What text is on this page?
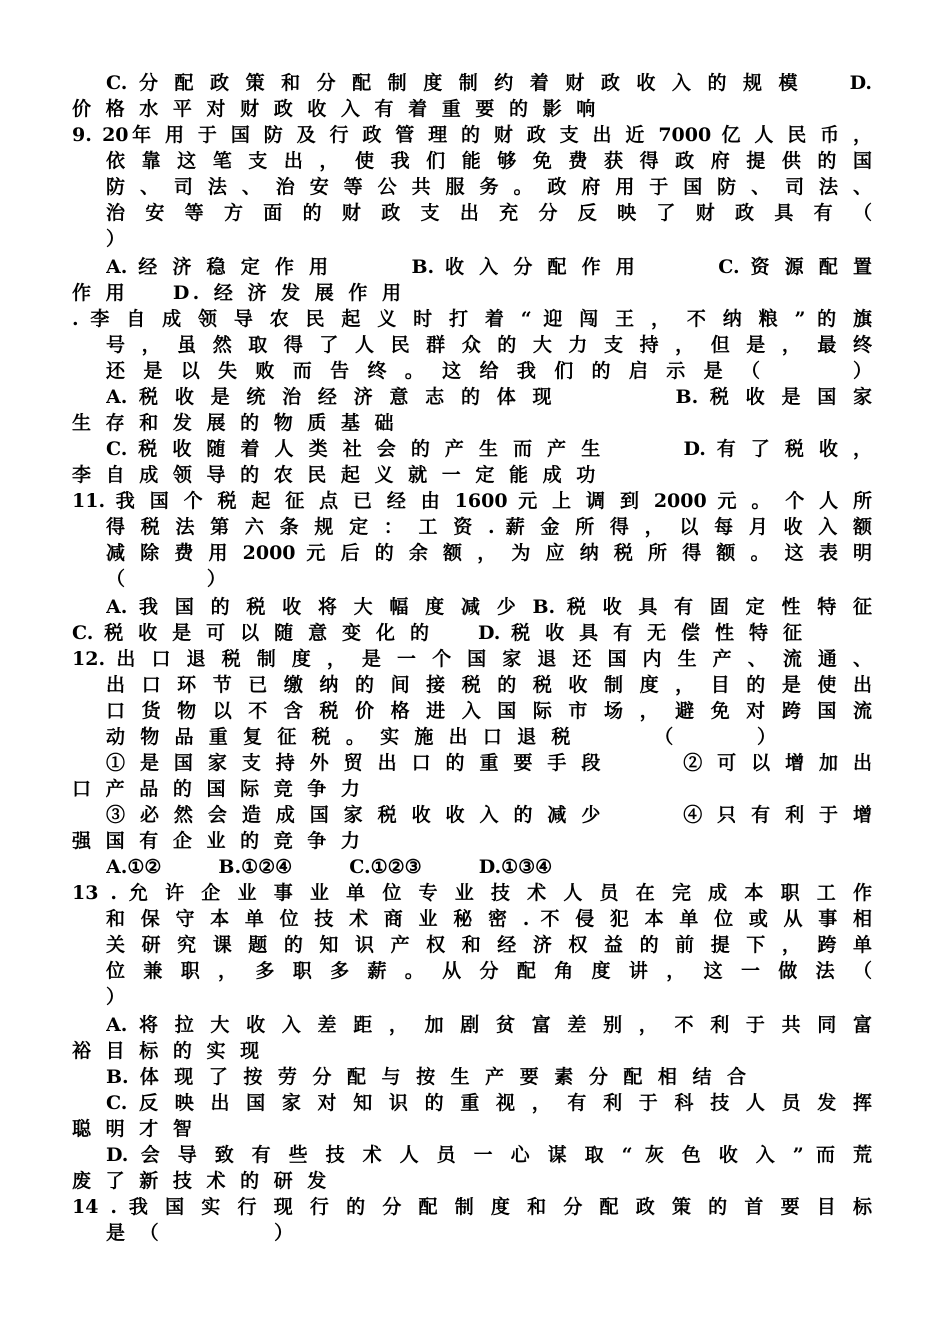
C. 分 配 政 策 和 分 配 制 度 制 约 着 财 政 收 入 的 规 模 　 D.
价 格 水 平 对 财 政 收 入 有 着 重 要 的 影 响
9. 20年 用 于 国 防 及 行 政 管 理 的 财 政 支 出 近 7000 亿 人 民 币 ，
依 靠 这 笔 支 出 ， 使 我 们 能 够 免 费 获 得 政 府 提 供 的 国
防 、 司 法 、 治 安 等 公 共 服 务 。 政 府 用 于 国 防 、 司 法 、
治 安 等 方 面 的 财 政 支 出 充 分 反 映 了 财 政 具 有 （
）
A. 经 济 稳 定 作 用 　 　 B. 收 入 分 配 作 用 　 　 C. 资 源 配 置
作 用 　 D. 经 济 发 展 作 用
. 李 自 成 领 导 农 民 起 义 时 打 着 “ 迎 闯 王 ， 不 纳 粮 ” 的 旗
号 ， 虽 然 取 得 了 人 民 群 众 的 大 力 支 持 ， 但 是 ， 最 终
还 是 以 失 败 而 告 终 。 这 给 我 们 的 启 示 是 （ 　 　 ）
A. 税 收 是 统 治 经 济 意 志 的 体 现 　 　 　 B. 税 收 是 国 家
生 存 和 发 展 的 物 质 基 础
C. 税 收 随 着 人 类 社 会 的 产 生 而 产 生 　 　 D. 有 了 税 收 ，
李 自 成 领 导 的 农 民 起 义 就 一 定 能 成 功
11. 我 国 个 税 起 征 点 已 经 由 1600 元 上 调 到 2000 元 。 个 人 所
得 税 法 第 六 条 规 定 ： 工 资 . 薪 金 所 得 ， 以 每 月 收 入 额
减 除 费 用 2000 元 后 的 余 额 ， 为 应 纳 税 所 得 额 。 这 表 明
（ 　 　 ）
A. 我 国 的 税 收 将 大 幅 度 减 少 B. 税 收 具 有 固 定 性 特 征
C. 税 收 是 可 以 随 意 变 化 的 　 D. 税 收 具 有 无 偿 性 特 征
12. 出 口 退 税 制 度 ， 是 一 个 国 家 退 还 国 内 生 产 、 流 通 、
出 口 环 节 已 缴 纳 的 间 接 税 的 税 收 制 度 ， 目 的 是 使 出
口 货 物 以 不 含 税 价 格 进 入 国 际 市 场 ， 避 免 对 跨 国 流
动 物 品 重 复 征 税 。 实 施 出 口 退 税 　 　 （ 　 　 ）
① 是 国 家 支 持 外 贸 出 口 的 重 要 手 段 　 　 ② 可 以 增 加 出
口 产 品 的 国 际 竞 争 力
③ 必 然 会 造 成 国 家 税 收 收 入 的 减 少 　 　 ④ 只 有 利 于 增
强 国 有 企 业 的 竞 争 力
A.①②　　　B.①②④　　　C.①②③　　　D.①③④
13 . 允 许 企 业 事 业 单 位 专 业 技 术 人 员 在 完 成 本 职 工 作
和 保 守 本 单 位 技 术 商 业 秘 密 . 不 侵 犯 本 单 位 或 从 事 相
关 研 究 课 题 的 知 识 产 权 和 经 济 权 益 的 前 提 下 ， 跨 单
位 兼 职 ， 多 职 多 薪 。 从 分 配 角 度 讲 ， 这 一 做 法 （
）
A. 将 拉 大 收 入 差 距 ， 加 剧 贫 富 差 别 ， 不 利 于 共 同 富
裕 目 标 的 实 现
B. 体 现 了 按 劳 分 配 与 按 生 产 要 素 分 配 相 结 合
C. 反 映 出 国 家 对 知 识 的 重 视 ， 有 利 于 科 技 人 员 发 挥
聪 明 才 智
D. 会 导 致 有 些 技 术 人 员 一 心 谋 取 “ 灰 色 收 入 ” 而 荒
废 了 新 技 术 的 研 发
14 . 我 国 实 行 现 行 的 分 配 制 度 和 分 配 政 策 的 首 要 目 标
是 （ 　 　 　 ）
